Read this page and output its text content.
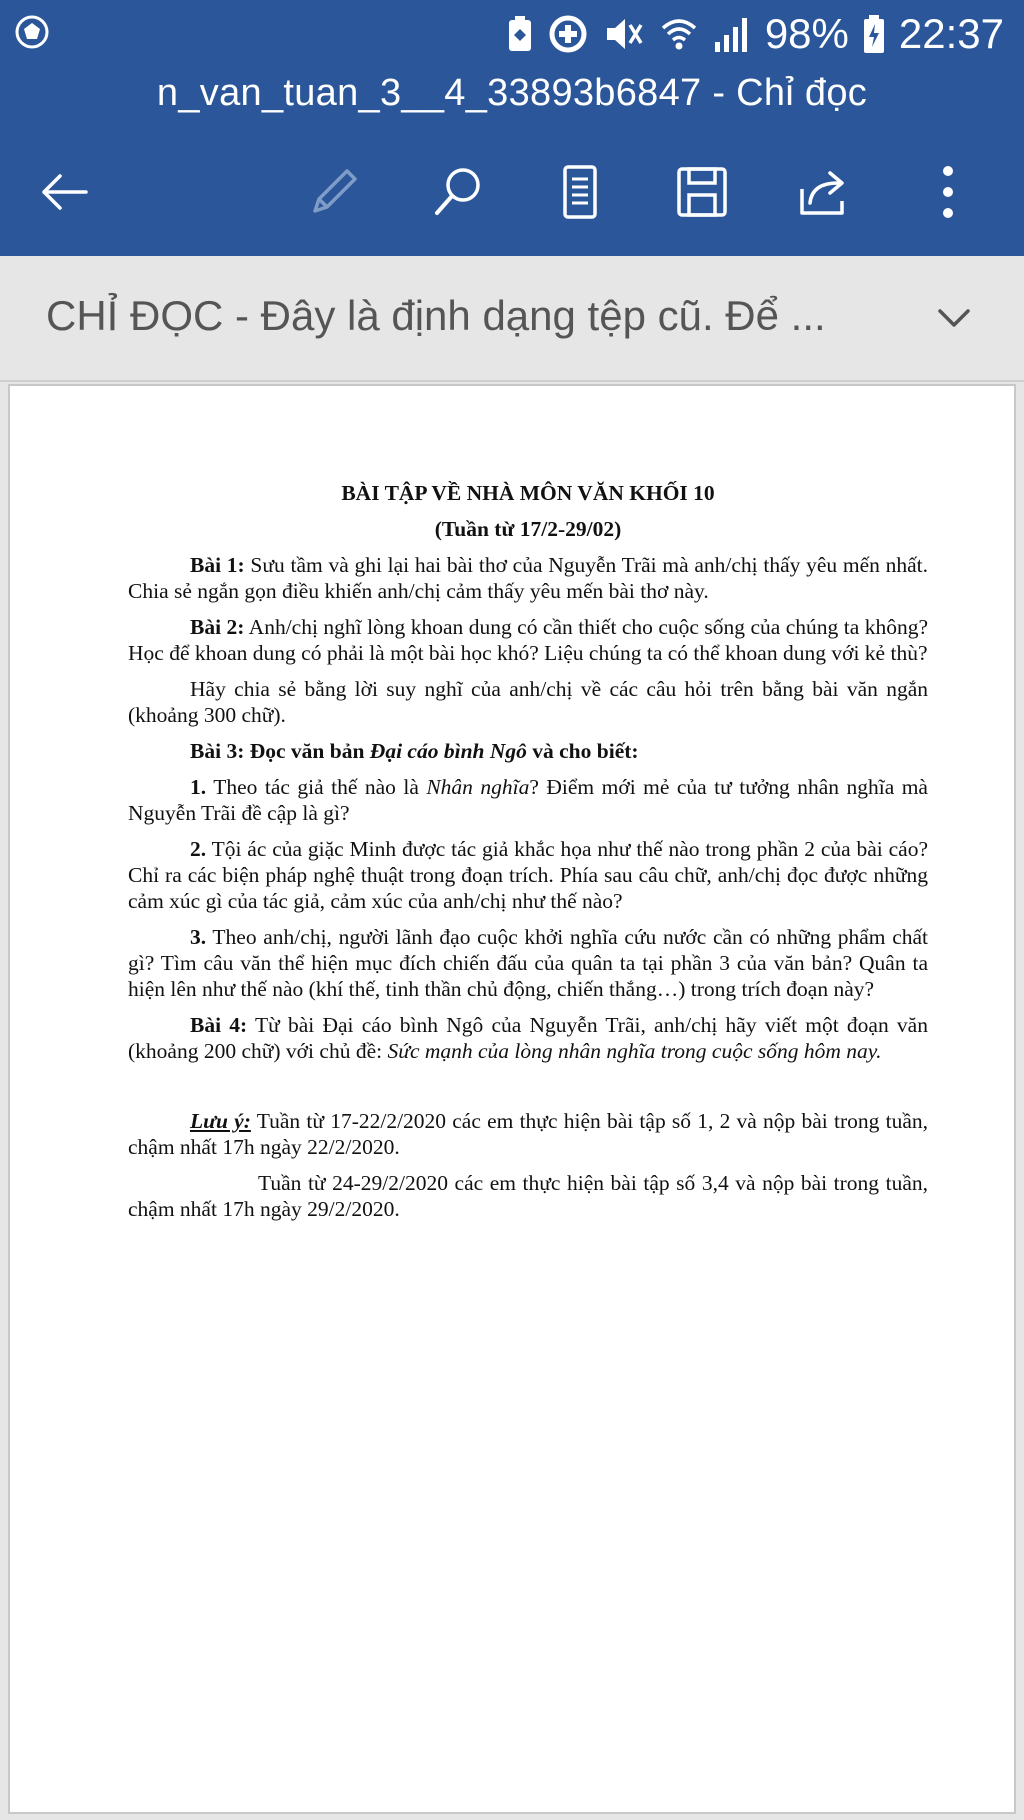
98% 22:37
n_van_tuan_3__4_33893b6847 - Chỉ đọc
CHỈ ĐỌC - Đây là định dạng tệp cũ. Để ...

BÀI TẬP VỀ NHÀ MÔN VĂN KHỐI 10

(Tuần từ 17/2-29/02)

Bài 1: Sưu tầm và ghi lại hai bài thơ của Nguyễn Trãi mà anh/chị thấy yêu mến nhất. Chia sẻ ngắn gọn điều khiến anh/chị cảm thấy yêu mến bài thơ này.

Bài 2: Anh/chị nghĩ lòng khoan dung có cần thiết cho cuộc sống của chúng ta không? Học để khoan dung có phải là một bài học khó? Liệu chúng ta có thể khoan dung với kẻ thù?

Hãy chia sẻ bằng lời suy nghĩ của anh/chị về các câu hỏi trên bằng bài văn ngắn (khoảng 300 chữ).

Bài 3: Đọc văn bản Đại cáo bình Ngô và cho biết:

1. Theo tác giả thế nào là Nhân nghĩa? Điểm mới mẻ của tư tưởng nhân nghĩa mà Nguyễn Trãi đề cập là gì?

2. Tội ác của giặc Minh được tác giả khắc họa như thế nào trong phần 2 của bài cáo? Chỉ ra các biện pháp nghệ thuật trong đoạn trích. Phía sau câu chữ, anh/chị đọc được những cảm xúc gì của tác giả, cảm xúc của anh/chị như thế nào?

3. Theo anh/chị, người lãnh đạo cuộc khởi nghĩa cứu nước cần có những phẩm chất gì? Tìm câu văn thể hiện mục đích chiến đấu của quân ta tại phần 3 của văn bản? Quân ta hiện lên như thế nào (khí thế, tinh thần chủ động, chiến thắng…) trong trích đoạn này?

Bài 4: Từ bài Đại cáo bình Ngô của Nguyễn Trãi, anh/chị hãy viết một đoạn văn (khoảng 200 chữ) với chủ đề: Sức mạnh của lòng nhân nghĩa trong cuộc sống hôm nay.

Lưu ý: Tuần từ 17-22/2/2020 các em thực hiện bài tập số 1, 2 và nộp bài trong tuần, chậm nhất 17h ngày 22/2/2020.

Tuần từ 24-29/2/2020 các em thực hiện bài tập số 3,4 và nộp bài trong tuần, chậm nhất 17h ngày 29/2/2020.
